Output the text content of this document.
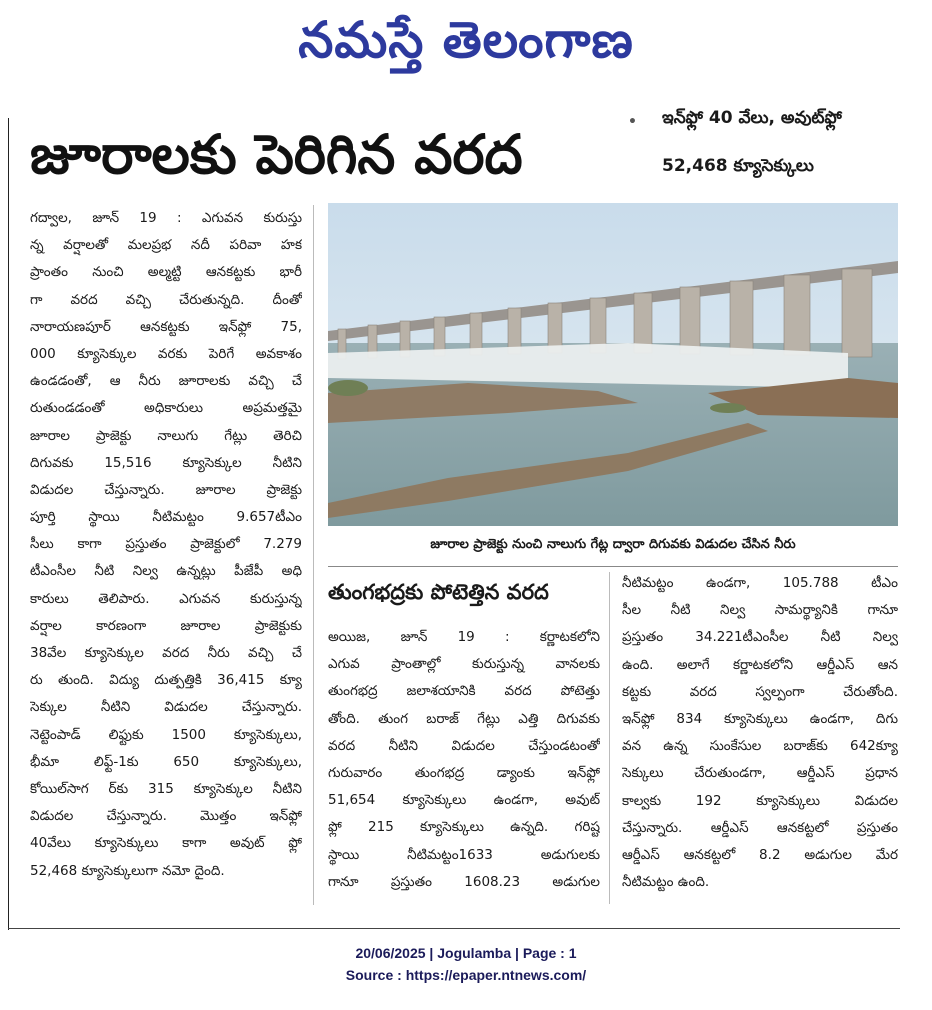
నమస్తే తెలంగాణ
జూరాలకు పెరిగిన వరద	• ఇన్‌ఫ్లో 40 వేలు, అవుట్‌ఫ్లో
52,468 క్యూసెక్కులు
జూరాల ప్రాజెక్టు నుంచి నాలుగు గేట్ల ద్వారా దిగువకు విడుదల చేసిన నీరు
గద్వాల, జూన్ 19 : ఎగువన కురుస్తు
న్న వర్షాలతో మలప్రభ నదీ పరివా హక
ప్రాంతం నుంచి అల్మట్టి ఆనకట్టకు భారీ
గా వరద వచ్చి చేరుతున్నది. దీంతో
నారాయణపూర్ ఆనకట్టకు ఇన్‌ఫ్లో 75,
000 క్యూసెక్కుల వరకు పెరిగే అవకాశం
ఉండడంతో, ఆ నీరు జూరాలకు వచ్చి చే
రుతుండడంతో అధికారులు అప్రమత్తమై
జూరాల ప్రాజెక్టు నాలుగు గేట్లు తెరిచి
దిగువకు 15,516 క్యూసెక్కుల నీటిని
విడుదల చేస్తున్నారు. జూరాల ప్రాజెక్టు
పూర్తి స్థాయి నీటిమట్టం 9.657టీఎం
సీలు కాగా ప్రస్తుతం ప్రాజెక్టులో 7.279
టీఎంసీల నీటి నిల్వ ఉన్నట్లు పీజేపీ అధి
కారులు తెలిపారు. ఎగువన కురుస్తున్న
వర్షాల కారణంగా జూరాల ప్రాజెక్టుకు
38వేల క్యూసెక్కుల వరద నీరు వచ్చి చే
రు తుంది. విద్యు దుత్పత్తికి 36,415 క్యూ
సెక్కుల నీటిని విడుదల చేస్తున్నారు.
నెట్టెంపాడ్ లిఫ్టుకు 1500 క్యూసెక్కులు,
భీమా లిఫ్ట్-1కు 650 క్యూసెక్కులు,
కోయిల్‌సాగ ర్‌కు 315 క్యూసెక్కుల నీటిని
విడుదల చేస్తున్నారు. మొత్తం ఇన్‌ఫ్లో
40వేలు క్యూసెక్కులు కాగా అవుట్ ఫ్లో
52,468 క్యూసెక్కులుగా నమో దైంది.
తుంగభద్రకు పోటెత్తిన వరద
అయిజ, జూన్ 19 : కర్ణాటకలోని
ఎగువ ప్రాంతాల్లో కురుస్తున్న వానలకు
తుంగభద్ర జలాశయానికి వరద పోటెత్తు
తోంది. తుంగ బరాజ్ గేట్లు ఎత్తి దిగువకు
వరద నీటిని విడుదల చేస్తుండటంతో
గురువారం తుంగభద్ర డ్యాంకు ఇన్‌ఫ్లో
51,654 క్యూసెక్కులు ఉండగా, అవుట్
ఫ్లో 215 క్యూసెక్కులు ఉన్నది. గరిష్ట
స్థాయి నీటిమట్టం1633 అడుగులకు
గానూ ప్రస్తుతం 1608.23 అడుగుల
నీటిమట్టం ఉండగా, 105.788 టీఎం
సీల నీటి నిల్వ సామర్థ్యానికి గానూ
ప్రస్తుతం 34.221టీఎంసీల నీటి నిల్వ
ఉంది. అలాగే కర్ణాటకలోని ఆర్డీఎస్ ఆన
కట్టకు వరద స్వల్పంగా చేరుతోంది.
ఇన్‌ఫ్లో 834 క్యూసెక్కులు ఉండగా, దిగు
వన ఉన్న సుంకేసుల బరాజ్‌కు 642క్యూ
సెక్కులు చేరుతుండగా, ఆర్డీఎస్ ప్రధాన
కాల్వకు 192 క్యూసెక్కులు విడుదల
చేస్తున్నారు. ఆర్డీఎస్ ఆనకట్టలో ప్రస్తుతం
ఆర్డీఎస్ ఆనకట్టలో 8.2 అడుగుల మేర
నీటిమట్టం ఉంది.
20/06/2025 | Jogulamba | Page : 1
Source : https://epaper.ntnews.com/
